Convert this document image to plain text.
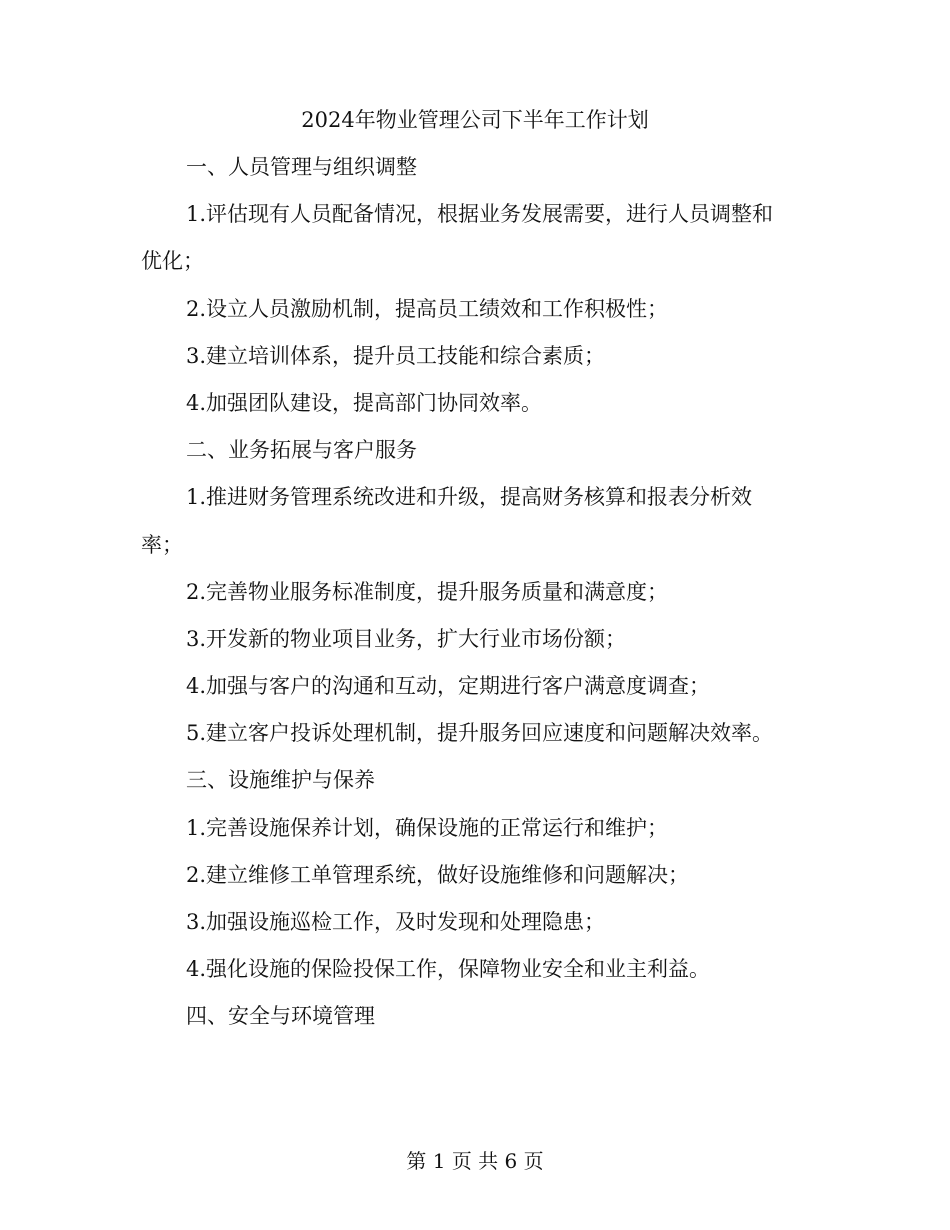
2024年物业管理公司下半年工作计划
一、人员管理与组织调整
1.评估现有人员配备情况，根据业务发展需要，进行人员调整和
优化；
2.设立人员激励机制，提高员工绩效和工作积极性；
3.建立培训体系，提升员工技能和综合素质；
4.加强团队建设，提高部门协同效率。
二、业务拓展与客户服务
1.推进财务管理系统改进和升级，提高财务核算和报表分析效
率；
2.完善物业服务标准制度，提升服务质量和满意度；
3.开发新的物业项目业务，扩大行业市场份额；
4.加强与客户的沟通和互动，定期进行客户满意度调查；
5.建立客户投诉处理机制，提升服务回应速度和问题解决效率。
三、设施维护与保养
1.完善设施保养计划，确保设施的正常运行和维护；
2.建立维修工单管理系统，做好设施维修和问题解决；
3.加强设施巡检工作，及时发现和处理隐患；
4.强化设施的保险投保工作，保障物业安全和业主利益。
四、安全与环境管理
第 1 页 共 6 页
